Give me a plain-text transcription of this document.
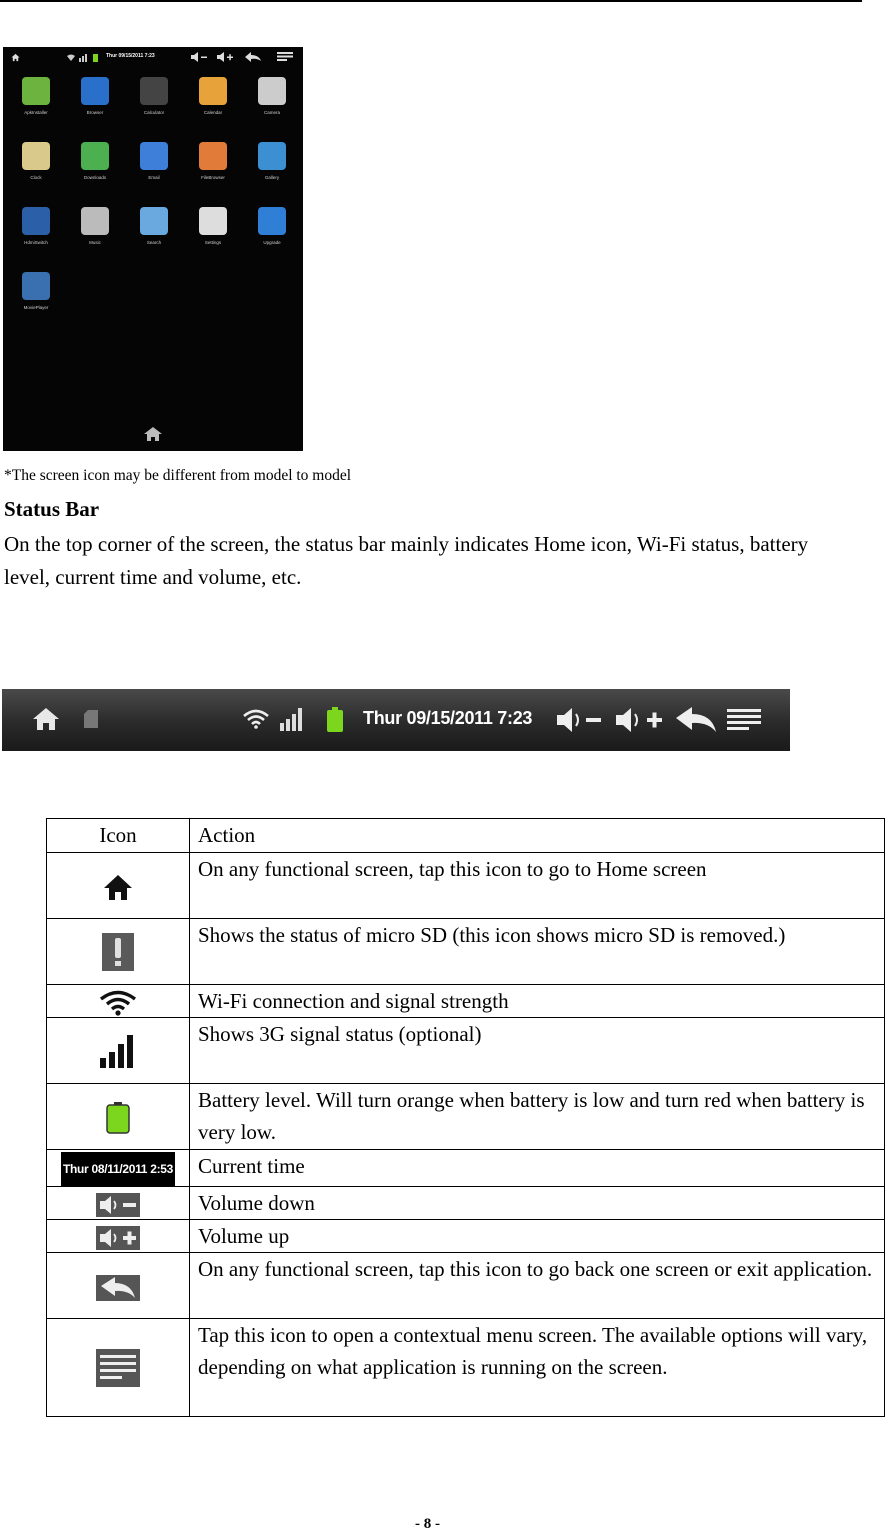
Thur 09/15/2011 7:23
ApkInstaller	Browser	Calculator	Calendar	Camera
Clock	Downloads	Email	FileBrowser	Gallery
HdmiSwitch	Music	Search	Settings	Upgrade
MoviePlayer
*The screen icon may be different from model to model
Status Bar
On the top corner of the screen, the status bar mainly indicates Home icon, Wi-Fi status, battery level, current time and volume, etc.
Thur 09/15/2011 7:23
Icon	Action
	On any functional screen, tap this icon to go to Home screen
	Shows the status of micro SD (this icon shows micro SD is removed.)
	Wi-Fi connection and signal strength
	Shows 3G signal status (optional)
	Battery level. Will turn orange when battery is low and turn red when battery is very low.
Thur 08/11/2011 2:53	Current time
	Volume down
	Volume up
	On any functional screen, tap this icon to go back one screen or exit application.
	Tap this icon to open a contextual menu screen. The available options will vary, depending on what application is running on the screen.
- 8 -
